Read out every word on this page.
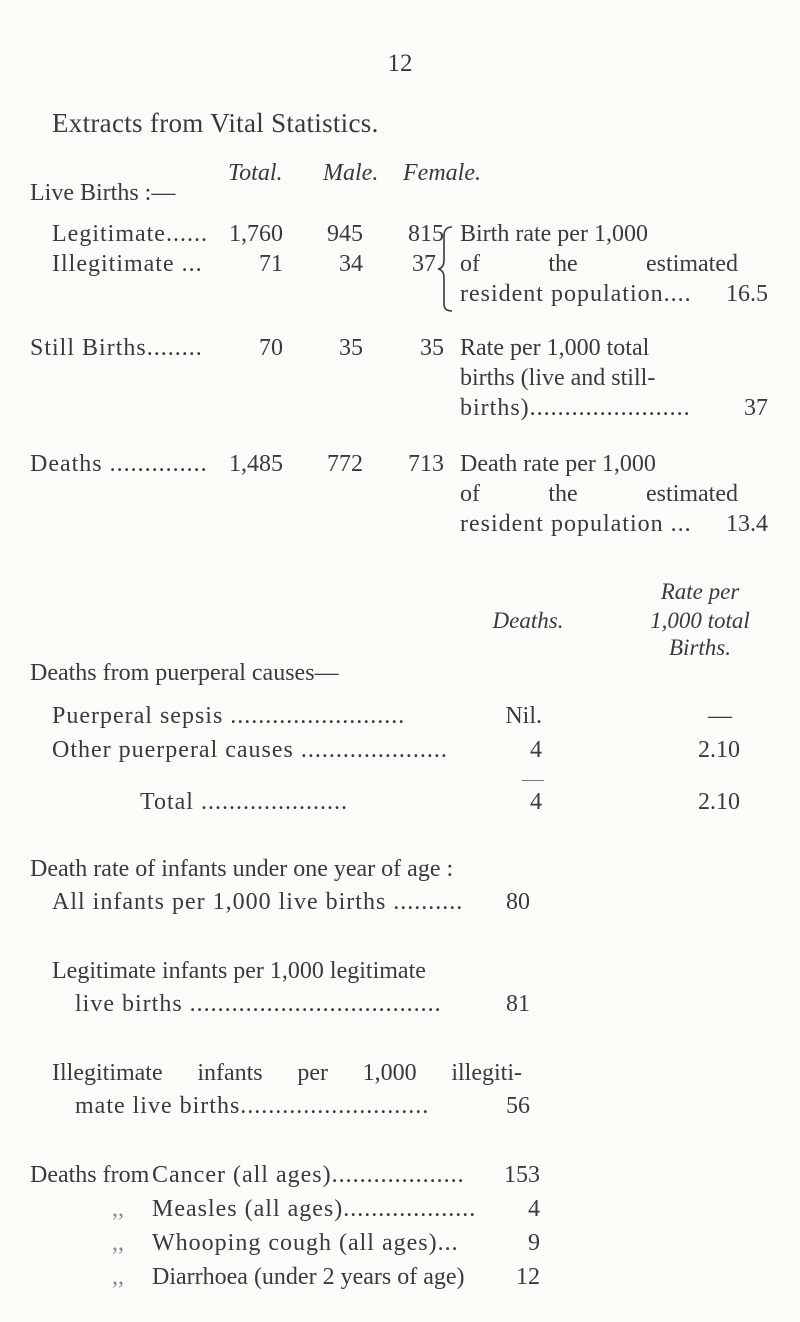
12
Extracts from Vital Statistics.
Total. Male. Female.
Live Births :—
Legitimate...... 1,760	945	815
Illegitimate ...	71	34	37
Birth rate per 1,000
of the estimated
resident population.... 16.5
Still Births........	70	35	35 Rate per 1,000 total
births (live and still-
births).......................	37
Deaths .............. 1,485	772	713 Death rate per 1,000
of the estimated
resident population ...	13.4
Rate per
Deaths.	1,000 total
Births.
Deaths from puerperal causes—
Puerperal sepsis .........................	Nil.	—
Other puerperal causes .....................	4	2.10
Total .....................	4	2.10
Death rate of infants under one year of age :
All infants per 1,000 live births ..........	80
Legitimate infants per 1,000 legitimate
live births ....................................	81
Illegitimate infants per 1,000 illegiti-
mate live births...........................	56
Deaths from Cancer (all ages)...................	153
,, Measles (all ages)...................	4
,, Whooping cough (all ages)...	9
,, Diarrhoea (under 2 years of age)	12
